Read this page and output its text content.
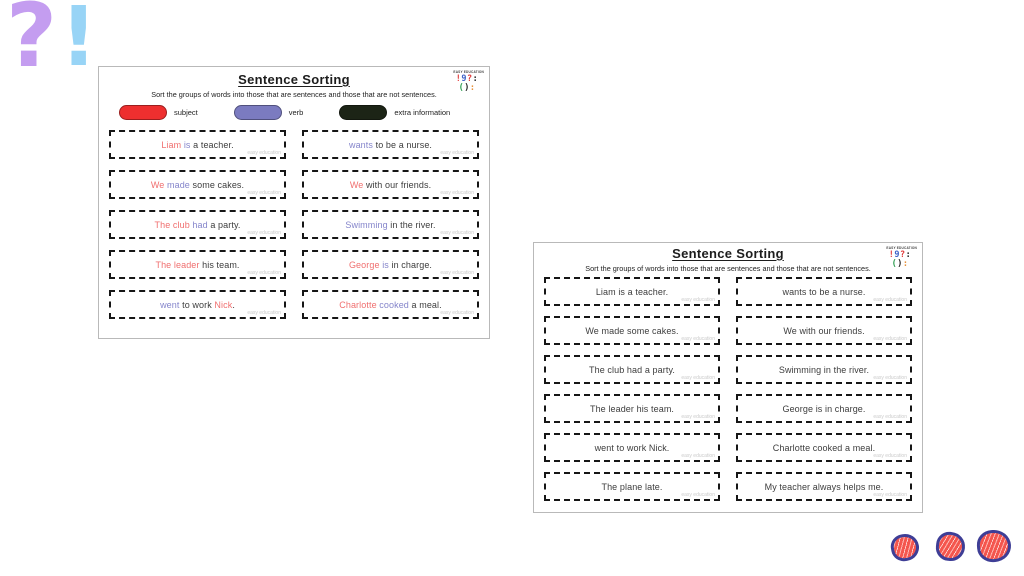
? !	Sentence Sorting	EASY EDUCATION
!9?:():

Sort the groups of words into those that are sentences and those that are not sentences.

subject	verb	extra information
Liam is a teacher.
easy education
wants to be a nurse.
easy education
We made some cakes.
easy education
We with our friends.
easy education
The club had a party.
easy education
Swimming in the river.
easy education
The leader his team.
easy education
George is in charge.
easy education
went to work Nick.
easy education
Charlotte cooked a meal.
easy education
Sentence Sorting	EASY EDUCATION
!9?:():

Sort the groups of words into those that are sentences and those that are not sentences.

Liam is a teacher.
easy education
wants to be a nurse.
easy education
We made some cakes.
easy education
We with our friends.
easy education
The club had a party.
easy education
Swimming in the river.
easy education
The leader his team.
easy education
George is in charge.
easy education
went to work Nick.
easy education
Charlotte cooked a meal.
easy education
The plane late.
easy education
My teacher always helps me.
easy education
